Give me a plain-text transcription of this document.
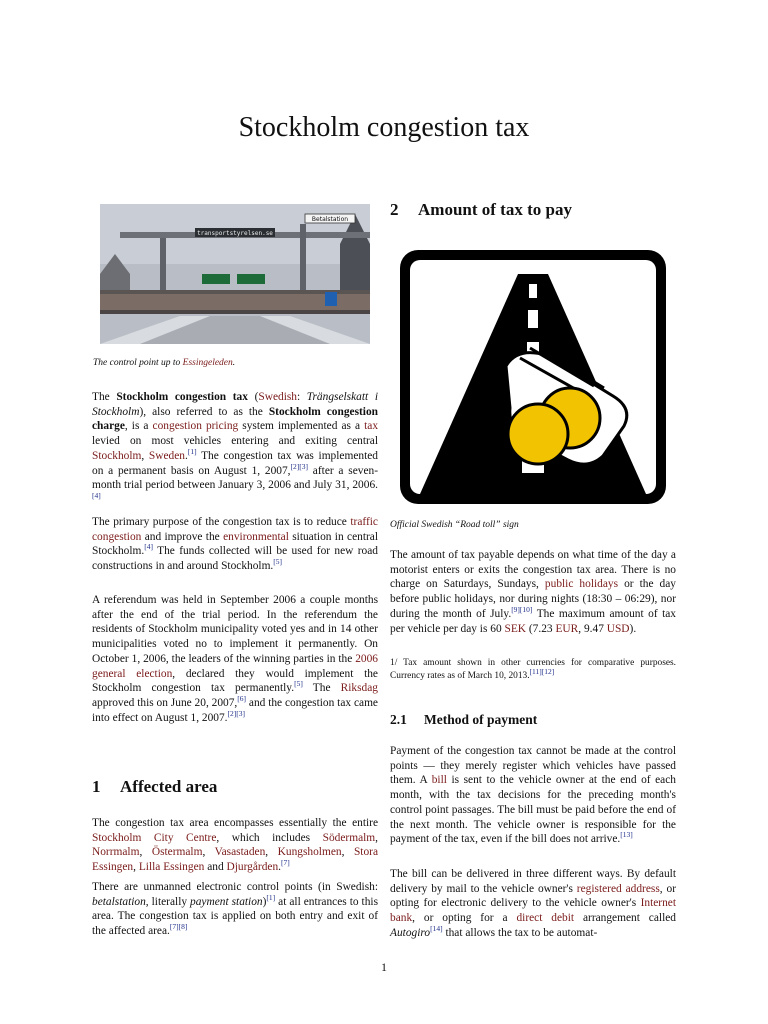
Stockholm congestion tax
transportstyrelsen.se
Betalstation
The control point up to Essingeleden.

The Stockholm congestion tax (Swedish: Trängselskatt i Stockholm), also referred to as the Stockholm congestion charge, is a congestion pricing system implemented as a tax levied on most vehicles entering and exiting central Stockholm, Sweden.[1] The congestion tax was implemented on a permanent basis on August 1, 2007,[2][3] after a seven-month trial period between January 3, 2006 and July 31, 2006.[4]

The primary purpose of the congestion tax is to reduce traffic congestion and improve the environmental situation in central Stockholm.[4] The funds collected will be used for new road constructions in and around Stockholm.[5]

A referendum was held in September 2006 a couple months after the end of the trial period. In the referendum the residents of Stockholm municipality voted yes and in 14 other municipalities voted no to implement it permanently. On October 1, 2006, the leaders of the winning parties in the 2006 general election, declared they would implement the Stockholm congestion tax permanently.[5] The Riksdag approved this on June 20, 2007,[6] and the congestion tax came into effect on August 1, 2007.[2][3]

1 Affected area

The congestion tax area encompasses essentially the entire Stockholm City Centre, which includes Södermalm, Norrmalm, Östermalm, Vasastaden, Kungsholmen, Stora Essingen, Lilla Essingen and Djurgården.[7]

There are unmanned electronic control points (in Swedish: betalstation, literally payment station)[1] at all entrances to this area. The congestion tax is applied on both entry and exit of the affected area.[7][8]

2 Amount of tax to pay
Official Swedish “Road toll” sign

The amount of tax payable depends on what time of the day a motorist enters or exits the congestion tax area. There is no charge on Saturdays, Sundays, public holidays or the day before public holidays, nor during nights (18:30 – 06:29), nor during the month of July.[9][10] The maximum amount of tax per vehicle per day is 60 SEK (7.23 EUR, 9.47 USD).

1/ Tax amount shown in other currencies for comparative purposes. Currency rates as of March 10, 2013.[11][12]

2.1 Method of payment

Payment of the congestion tax cannot be made at the control points — they merely register which vehicles have passed them. A bill is sent to the vehicle owner at the end of each month, with the tax decisions for the preceding month's control point passages. The bill must be paid before the end of the next month. The vehicle owner is responsible for the payment of the tax, even if the bill does not arrive.[13]

The bill can be delivered in three different ways. By default delivery by mail to the vehicle owner's registered address, or opting for electronic delivery to the vehicle owner's Internet bank, or opting for a direct debit arrangement called Autogiro[14] that allows the tax to be automat-

1
